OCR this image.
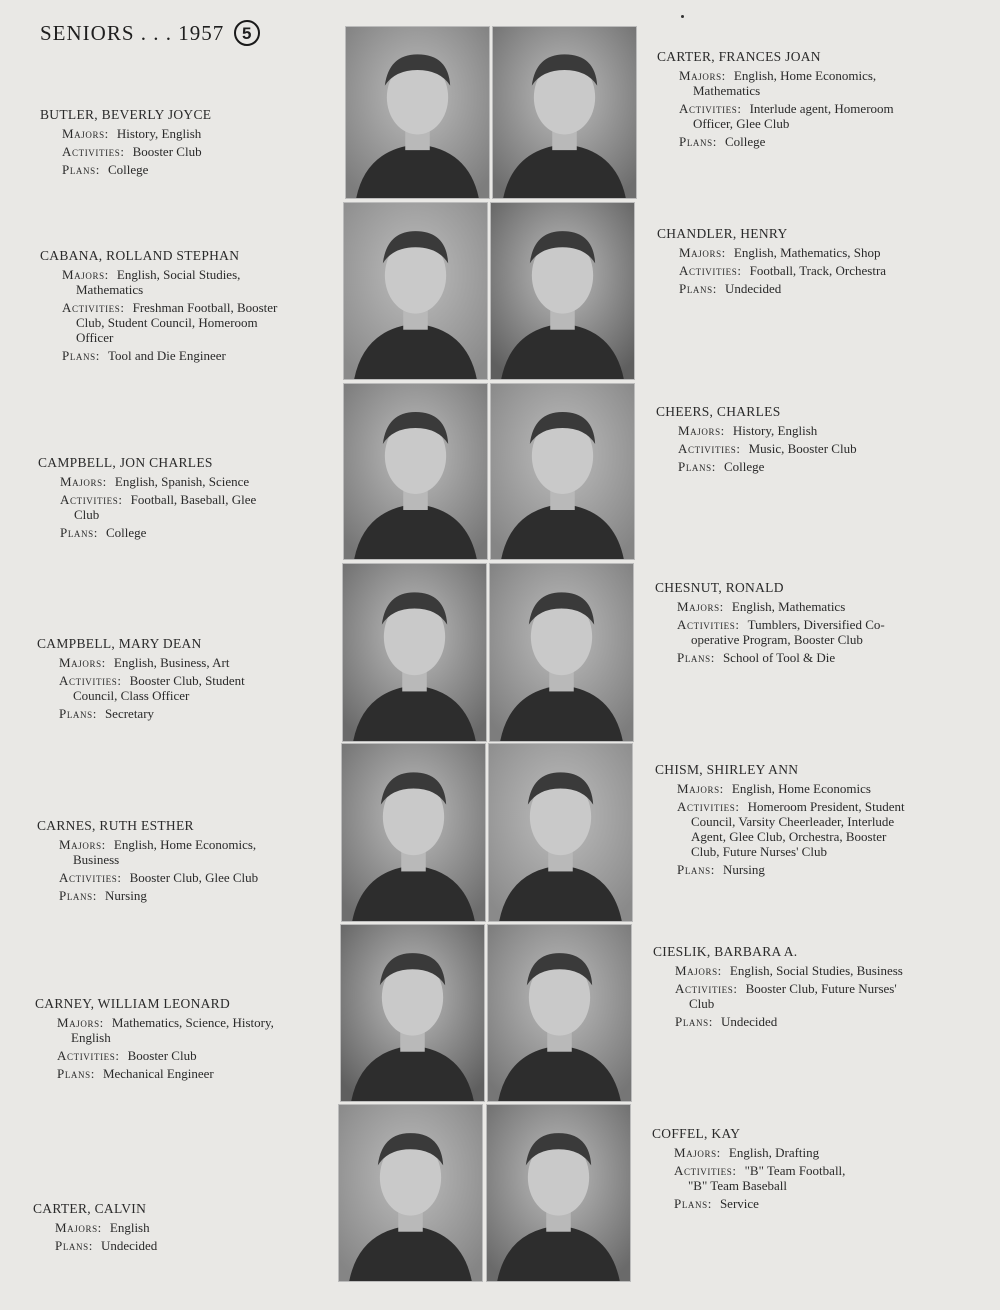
SENIORS . . . 1957	5
BUTLER, BEVERLY JOYCE
Majors: History, English
Activities: Booster Club
Plans: College
CABANA, ROLLAND STEPHAN
Majors: English, Social Studies,
Mathematics
Activities: Freshman Football, Booster
Club, Student Council, Homeroom
Officer
Plans: Tool and Die Engineer
CAMPBELL, JON CHARLES
Majors: English, Spanish, Science
Activities: Football, Baseball, Glee
Club
Plans: College
CAMPBELL, MARY DEAN
Majors: English, Business, Art
Activities: Booster Club, Student
Council, Class Officer
Plans: Secretary
CARNES, RUTH ESTHER
Majors: English, Home Economics,
Business
Activities: Booster Club, Glee Club
Plans: Nursing
CARNEY, WILLIAM LEONARD
Majors: Mathematics, Science, History,
English
Activities: Booster Club
Plans: Mechanical Engineer
CARTER, CALVIN
Majors: English
Plans: Undecided
CARTER, FRANCES JOAN
Majors: English, Home Economics,
Mathematics
Activities: Interlude agent, Homeroom
Officer, Glee Club
Plans: College
CHANDLER, HENRY
Majors: English, Mathematics, Shop
Activities: Football, Track, Orchestra
Plans: Undecided
CHEERS, CHARLES
Majors: History, English
Activities: Music, Booster Club
Plans: College
CHESNUT, RONALD
Majors: English, Mathematics
Activities: Tumblers, Diversified Co-
operative Program, Booster Club
Plans: School of Tool & Die
CHISM, SHIRLEY ANN
Majors: English, Home Economics
Activities: Homeroom President, Student
Council, Varsity Cheerleader, Interlude
Agent, Glee Club, Orchestra, Booster
Club, Future Nurses' Club
Plans: Nursing
CIESLIK, BARBARA A.
Majors: English, Social Studies, Business
Activities: Booster Club, Future Nurses'
Club
Plans: Undecided
COFFEL, KAY
Majors: English, Drafting
Activities: "B" Team Football,
"B" Team Baseball
Plans: Service
